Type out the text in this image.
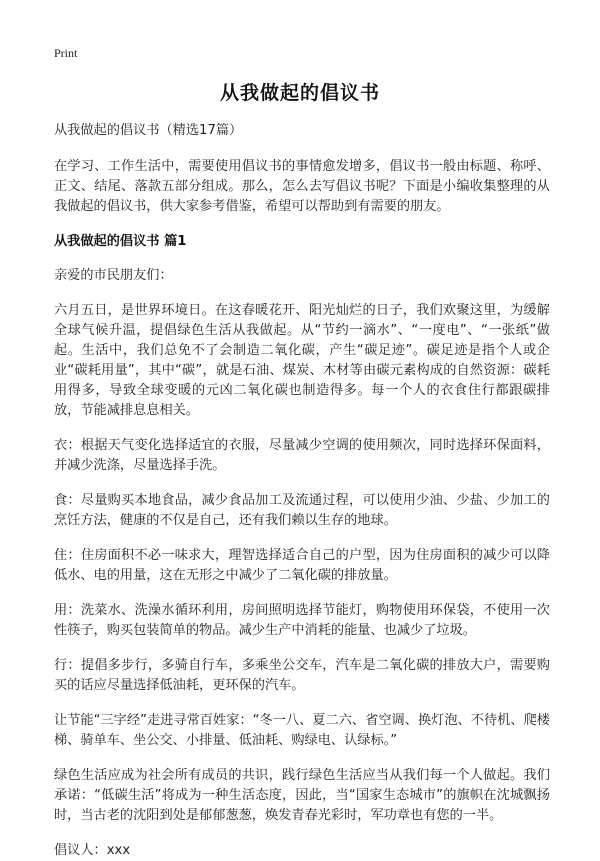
Print
从我做起的倡议书

从我做起的倡议书（精选17篇）

在学习、工作生活中，需要使用倡议书的事情愈发增多，倡议书一般由标题、称呼、正文、结尾、落款五部分组成。那么，怎么去写倡议书呢？下面是小编收集整理的从我做起的倡议书，供大家参考借鉴，希望可以帮助到有需要的朋友。

从我做起的倡议书 篇1

亲爱的市民朋友们：

六月五日，是世界环境日。在这春暖花开、阳光灿烂的日子，我们欢聚这里，为缓解全球气候升温，提倡绿色生活从我做起。从“节约一滴水”、“一度电”、“一张纸”做起。生活中，我们总免不了会制造二氧化碳，产生“碳足迹”。碳足迹是指个人或企业“碳耗用量”，其中“碳”，就是石油、煤炭、木材等由碳元素构成的自然资源：碳耗用得多，导致全球变暖的元凶二氧化碳也制造得多。每一个人的衣食住行都跟碳排放，节能减排息息相关。

衣：根据天气变化选择适宜的衣服，尽量减少空调的使用频次，同时选择环保面料，并减少洗涤，尽量选择手洗。

食：尽量购买本地食品，减少食品加工及流通过程，可以使用少油、少盐、少加工的烹饪方法，健康的不仅是自己，还有我们赖以生存的地球。

住：住房面积不必一味求大，理智选择适合自己的户型，因为住房面积的减少可以降低水、电的用量，这在无形之中减少了二氧化碳的排放量。

用：洗菜水、洗澡水循环利用，房间照明选择节能灯，购物使用环保袋，不使用一次性筷子，购买包装简单的物品。减少生产中消耗的能量、也减少了垃圾。

行：提倡多步行，多骑自行车，多乘坐公交车，汽车是二氧化碳的排放大户，需要购买的话应尽量选择低油耗，更环保的汽车。

让节能“三字经”走进寻常百姓家：“冬一八、夏二六、省空调、换灯泡、不待机、爬楼梯、骑单车、坐公交、小排量、低油耗、购绿电、认绿标。”

绿色生活应成为社会所有成员的共识，践行绿色生活应当从我们每一个人做起。我们承诺：“低碳生活”将成为一种生活态度，因此，当“国家生态城市”的旗帜在沈城飘扬时，当古老的沈阳到处是郁郁葱葱，焕发青春光彩时，军功章也有您的一半。

倡议人：xxx
